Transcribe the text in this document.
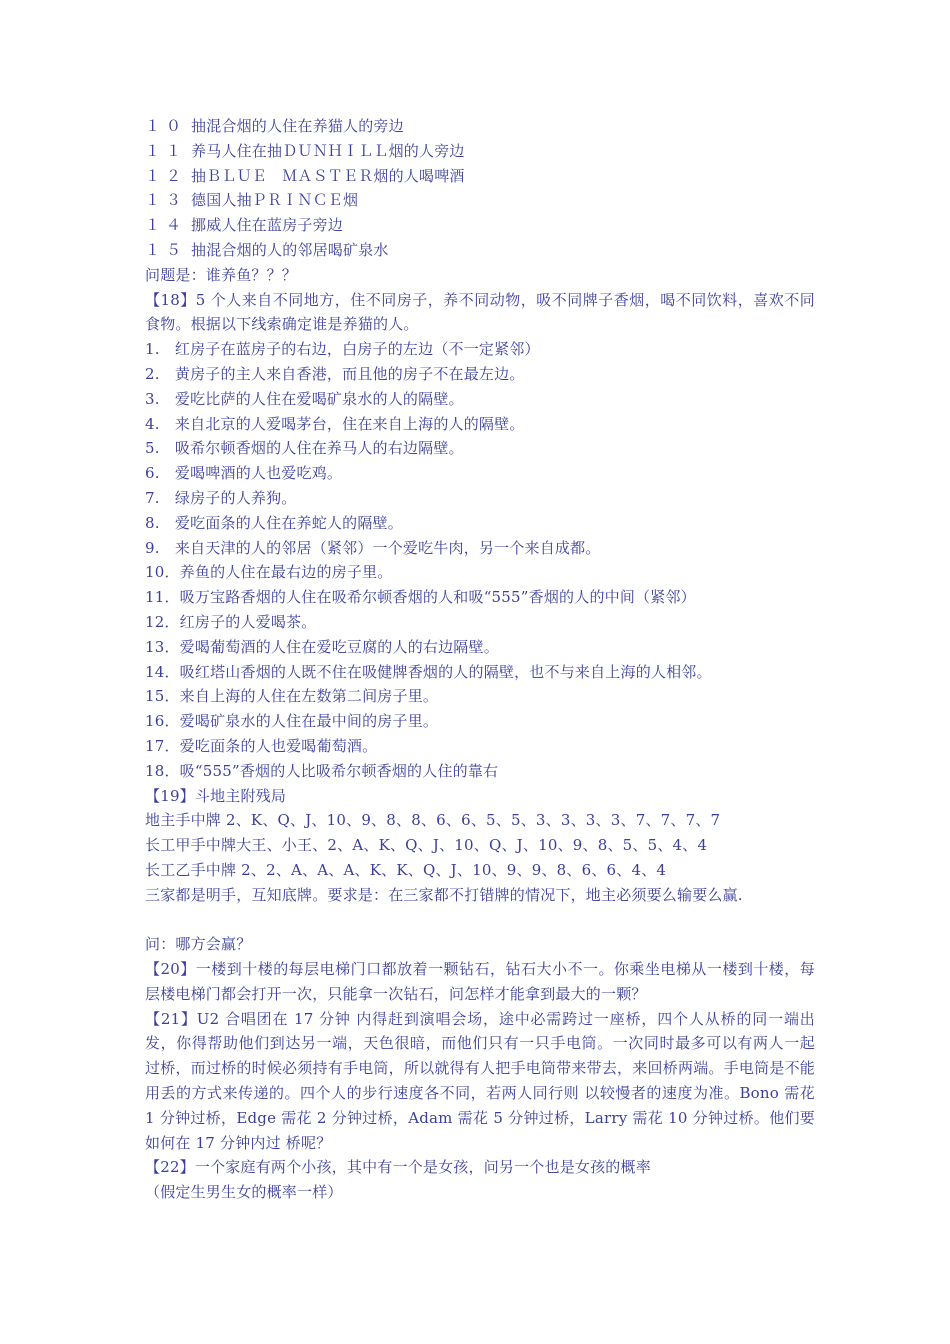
１０ 抽混合烟的人住在养猫人的旁边
１１ 养马人住在抽ＤＵＮＨＩＬＬ烟的人旁边
１２ 抽ＢＬＵＥ　ＭＡＳＴＥＲ烟的人喝啤酒
１３ 德国人抽ＰＲＩＮＣＥ烟
１４ 挪威人住在蓝房子旁边
１５ 抽混合烟的人的邻居喝矿泉水
问题是：谁养鱼？？？
【18】5 个人来自不同地方，住不同房子，养不同动物，吸不同牌子香烟，喝不同饮料，喜欢不同食物。根据以下线索确定谁是养猫的人。
1.　红房子在蓝房子的右边，白房子的左边（不一定紧邻）
2.　黄房子的主人来自香港，而且他的房子不在最左边。
3.　爱吃比萨的人住在爱喝矿泉水的人的隔壁。
4.　来自北京的人爱喝茅台，住在来自上海的人的隔壁。
5.　吸希尔顿香烟的人住在养马人的右边隔壁。
6.　爱喝啤酒的人也爱吃鸡。
7.　绿房子的人养狗。
8.　爱吃面条的人住在养蛇人的隔壁。
9.　来自天津的人的邻居（紧邻）一个爱吃牛肉，另一个来自成都。
10．养鱼的人住在最右边的房子里。
11．吸万宝路香烟的人住在吸希尔顿香烟的人和吸“555”香烟的人的中间（紧邻）
12．红房子的人爱喝茶。
13．爱喝葡萄酒的人住在爱吃豆腐的人的右边隔壁。
14．吸红塔山香烟的人既不住在吸健牌香烟的人的隔壁，也不与来自上海的人相邻。
15．来自上海的人住在左数第二间房子里。
16．爱喝矿泉水的人住在最中间的房子里。
17．爱吃面条的人也爱喝葡萄酒。
18．吸“555”香烟的人比吸希尔顿香烟的人住的靠右
【19】斗地主附残局
地主手中牌 2、K、Q、J、10、9、8、8、6、6、5、5、3、3、3、3、7、7、7、7
长工甲手中牌大王、小王、2、A、K、Q、J、10、Q、J、10、9、8、5、5、4、4
长工乙手中牌 2、2、A、A、A、K、K、Q、J、10、9、9、8、6、6、4、4
三家都是明手，互知底牌。要求是：在三家都不打错牌的情况下，地主必须要么输要么赢.
问：哪方会赢？
【20】一楼到十楼的每层电梯门口都放着一颗钻石，钻石大小不一。你乘坐电梯从一楼到十楼，每层楼电梯门都会打开一次，只能拿一次钻石，问怎样才能拿到最大的一颗？
【21】U2 合唱团在 17 分钟 内得赶到演唱会场，途中必需跨过一座桥，四个人从桥的同一端出发，你得帮助他们到达另一端，天色很暗，而他们只有一只手电筒。一次同时最多可以有两人一起 过桥，而过桥的时候必须持有手电筒，所以就得有人把手电筒带来带去，来回桥两端。手电筒是不能用丢的方式来传递的。四个人的步行速度各不同，若两人同行则 以较慢者的速度为准。Bono 需花 1 分钟过桥，Edge 需花 2 分钟过桥，Adam 需花 5 分钟过桥，Larry 需花 10 分钟过桥。他们要如何在 17 分钟内过 桥呢？
【22】一个家庭有两个小孩，其中有一个是女孩，问另一个也是女孩的概率
（假定生男生女的概率一样）
